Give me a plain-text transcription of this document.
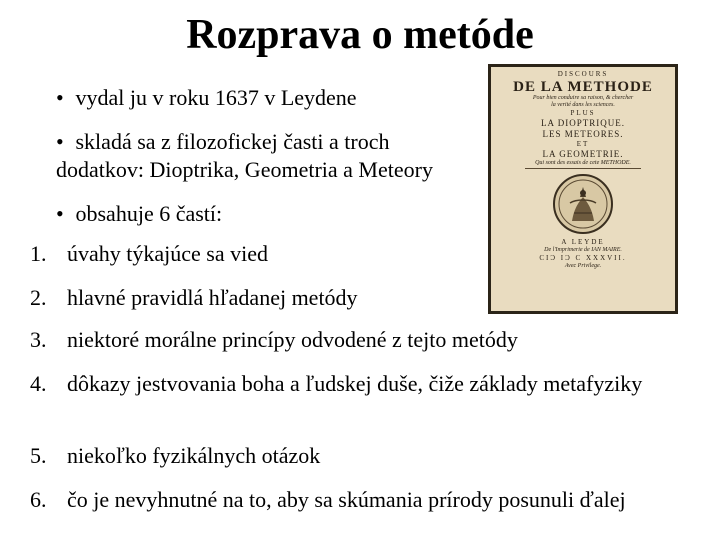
Rozprava o metóde
• vydal ju v roku 1637 v Leydene
• skladá sa z filozofickej časti a troch dodatkov: Dioptrika, Geometria a Meteory
• obsahuje 6 častí:
1. úvahy týkajúce sa vied
2. hlavné pravidlá hľadanej metódy
3. niektoré morálne princípy odvodené z tejto metódy
4. dôkazy jestvovania boha a ľudskej duše, čiže základy metafyziky
5. niekoľko fyzikálnych otázok
6. čo je nevyhnutné na to, aby sa skúmania prírody posunuli ďalej
DISCOURS
DE LA METHODE
Pour bien conduire sa raison, & chercher
la verité dans les sciences.
PLUS
LA DIOPTRIQUE.
LES METEORES.
ET
LA GEOMETRIE.
Qui sont des essais de cete METHODE.
A LEYDE
De l'Imprimerie de IAN MAIRE.
CIƆ IƆ C XXXVII.
Avec Privilege.
